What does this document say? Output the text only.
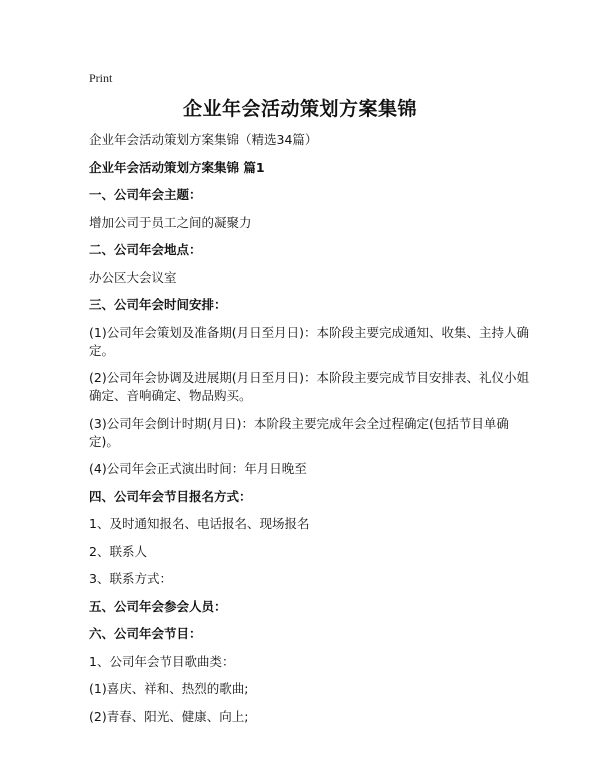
Print
企业年会活动策划方案集锦

企业年会活动策划方案集锦（精选34篇）

企业年会活动策划方案集锦 篇1

一、公司年会主题：

增加公司于员工之间的凝聚力

二、公司年会地点：

办公区大会议室

三、公司年会时间安排：

(1)公司年会策划及准备期(月日至月日)：本阶段主要完成通知、收集、主持人确定。

(2)公司年会协调及进展期(月日至月日)：本阶段主要完成节目安排表、礼仪小姐确定、音响确定、物品购买。

(3)公司年会倒计时期(月日)：本阶段主要完成年会全过程确定(包括节目单确定)。

(4)公司年会正式演出时间：年月日晚至

四、公司年会节目报名方式：

1、及时通知报名、电话报名、现场报名

2、联系人

3、联系方式：

五、公司年会参会人员：

六、公司年会节目：

1、公司年会节目歌曲类：

(1)喜庆、祥和、热烈的歌曲;

(2)青春、阳光、健康、向上;
